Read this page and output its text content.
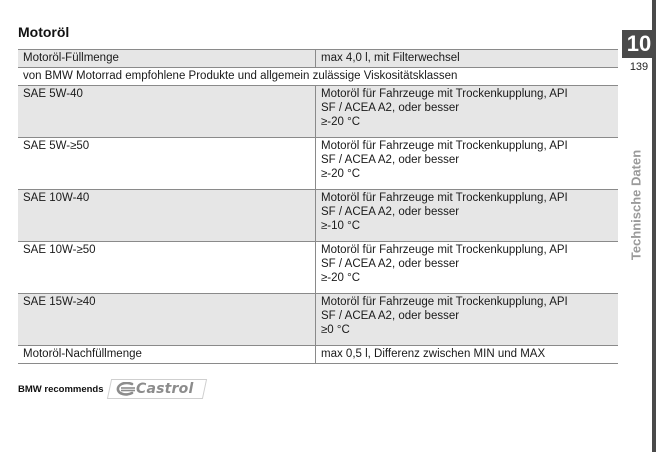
Motoröl
Motoröl-Füllmenge	max 4,0 l, mit Filterwechsel
von BMW Motorrad empfohlene Produkte und allgemein zulässige Viskositätsklassen	
SAE 5W-40	Motoröl für Fahrzeuge mit Trockenkupplung, API
SF / ACEA A2, oder besser
≥-20 °C

SAE 5W-≥50	Motoröl für Fahrzeuge mit Trockenkupplung, API
SF / ACEA A2, oder besser
≥-20 °C

SAE 10W-40	Motoröl für Fahrzeuge mit Trockenkupplung, API
SF / ACEA A2, oder besser
≥-10 °C

SAE 10W-≥50	Motoröl für Fahrzeuge mit Trockenkupplung, API
SF / ACEA A2, oder besser
≥-20 °C

SAE 15W-≥40	Motoröl für Fahrzeuge mit Trockenkupplung, API
SF / ACEA A2, oder besser
≥0 °C

Motoröl-Nachfüllmenge	max 0,5 l, Differenz zwischen MIN und MAX
BMW recommends Castrol
10
139
Technische Daten
